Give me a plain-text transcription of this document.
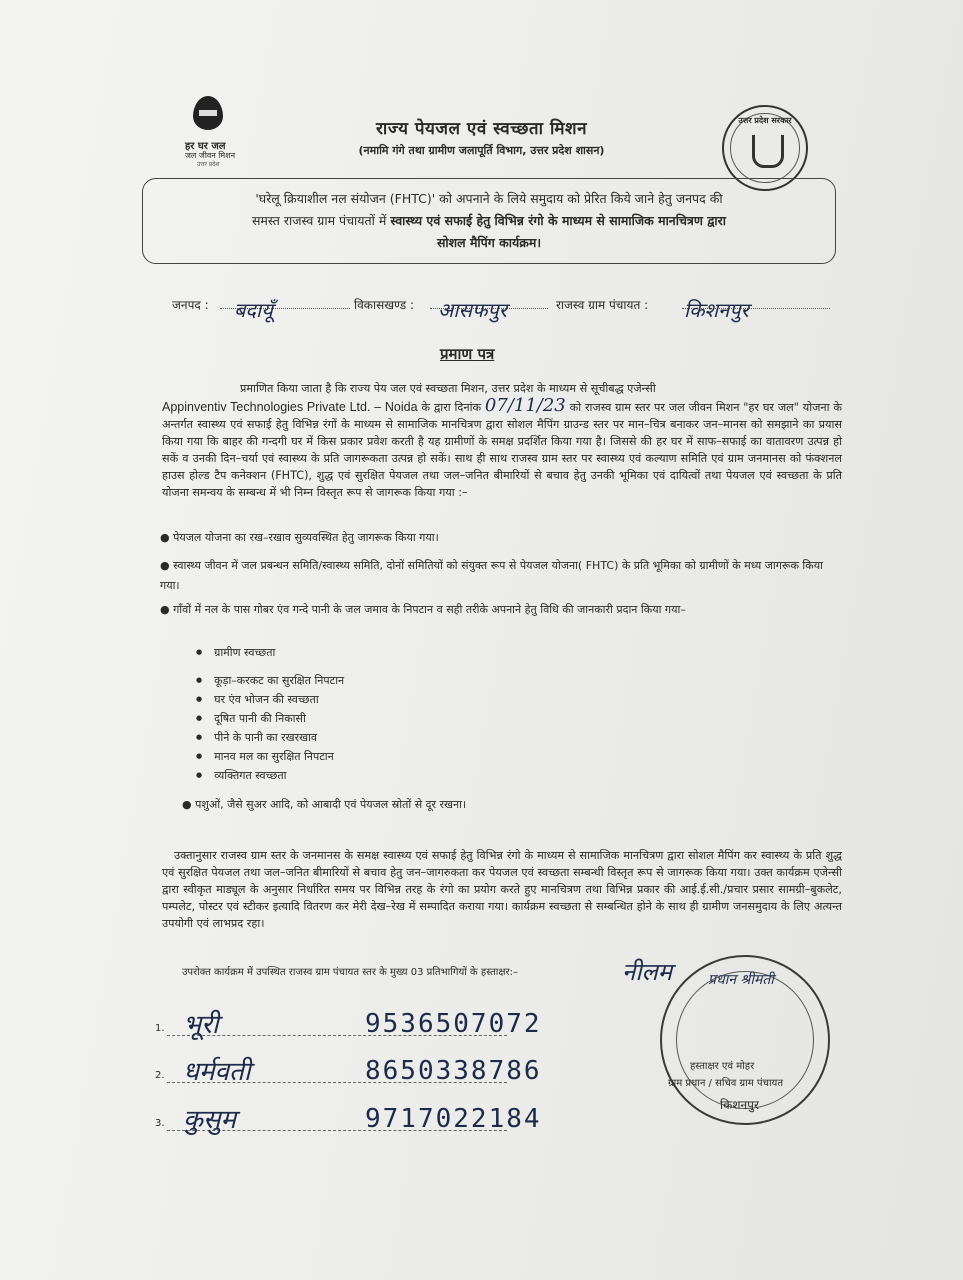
हर घर जल
जल जीवन मिशन
उत्तर प्रदेश
राज्य पेयजल एवं स्वच्छता मिशन
(नमामि गंगे तथा ग्रामीण जलापूर्ति विभाग, उत्तर प्रदेश शासन)
उत्तर प्रदेश सरकार
'घरेलू क्रियाशील नल संयोजन (FHTC)' को अपनाने के लिये समुदाय को प्रेरित किये जाने हेतु जनपद की
समस्त राजस्व ग्राम पंचायतों में स्वास्थ्य एवं सफाई हेतु विभिन्न रंगो के माध्यम से सामाजिक मानचित्रण द्वारा
सोशल मैपिंग कार्यक्रम।
जनपद : बदायूँ	विकासखण्ड : आसफपुर	राजस्व ग्राम पंचायत : किशनपुर
प्रमाण पत्र
प्रमाणित किया जाता है कि राज्य पेय जल एवं स्वच्छता मिशन, उत्तर प्रदेश के माध्यम से सूचीबद्ध एजेन्सी
Appinventiv Technologies Private Ltd. – Noida के द्वारा दिनांक 07/11/23 को राजस्व ग्राम स्तर पर जल जीवन मिशन "हर घर जल" योजना के अन्तर्गत स्वास्थ्य एवं सफाई हेतु विभिन्न रंगों के माध्यम से सामाजिक मानचित्रण द्वारा सोशल मैपिंग ग्राउन्ड स्तर पर मान–चित्र बनाकर जन–मानस को समझाने का प्रयास किया गया कि बाहर की गन्दगी घर में किस प्रकार प्रवेश करती है यह ग्रामीणों के समक्ष प्रदर्शित किया गया है। जिससे की हर घर में साफ–सफाई का वातावरण उत्पन्न हो सकें व उनकी दिन–चर्या एवं स्वास्थ्य के प्रति जागरूकता उत्पन्न हो सकें। साथ ही साथ राजस्व ग्राम स्तर पर स्वास्थ्य एवं कल्याण समिति एवं ग्राम जनमानस को फंक्शनल हाउस होल्ड टैप कनेक्शन (FHTC), शुद्ध एवं सुरक्षित पेयजल तथा जल–जनित बीमारियों से बचाव हेतु उनकी भूमिका एवं दायित्वों तथा पेयजल एवं स्वच्छता के प्रति योजना समन्वय के सम्बन्ध में भी निम्न विस्तृत रूप से जागरूक किया गया :–
● पेयजल योजना का रख–रखाव सुव्यवस्थित हेतु जागरूक किया गया।
● स्वास्थ्य जीवन में जल प्रबन्धन समिति/स्वास्थ्य समिति, दोनों समितियों को संयुक्त रूप से पेयजल योजना( FHTC) के प्रति भूमिका को ग्रामीणों के मध्य जागरूक किया गया।
● गाँवों में नल के पास गोबर एंव गन्दे पानी के जल जमाव के निपटान व सही तरीके अपनाने हेतु विधि की जानकारी प्रदान किया गया–
● ग्रामीण स्वच्छता
● कूड़ा–करकट का सुरक्षित निपटान
● घर एंव भोजन की स्वच्छता
● दूषित पानी की निकासी
● पीने के पानी का रखरखाव
● मानव मल का सुरक्षित निपटान
● व्यक्तिगत स्वच्छता
● पशुओं, जैसे सुअर आदि, को आबादी एवं पेयजल स्रोतों से दूर रखना।
उक्तानुसार राजस्व ग्राम स्तर के जनमानस के समक्ष स्वास्थ्य एवं सफाई हेतु विभिन्न रंगो के माध्यम से सामाजिक मानचित्रण द्वारा सोशल मैपिंग कर स्वास्थ्य के प्रति शुद्ध एवं सुरक्षित पेयजल तथा जल–जनित बीमारियों से बचाव हेतु जन–जागरुकता कर पेयजल एवं स्वच्छता सम्बन्धी विस्तृत रूप से जागरूक किया गया। उक्त कार्यक्रम एजेन्सी द्वारा स्वीकृत माड्यूल के अनुसार निर्धारित समय पर विभिन्न तरह के रंगो का प्रयोग करते हुए मानचित्रण तथा विभिन्न प्रकार की आई.ई.सी./प्रचार प्रसार सामग्री–बुकलेट, पम्पलेट, पोस्टर एवं स्टीकर इत्यादि वितरण कर मेरी देख–रेख में सम्पादित कराया गया। कार्यक्रम स्वच्छता से सम्बन्धित होने के साथ ही ग्रामीण जनसमुदाय के लिए अत्यन्त उपयोगी एवं लाभप्रद रहा।
उपरोक्त कार्यक्रम में उपस्थित राजस्व ग्राम पंचायत स्तर के मुख्य 03 प्रतिभागियों के हस्ताक्षर:–
1. भूरी	9536507072
2. धर्मवती	8650338786
3. कुसुम	9717022184
नीलम	प्रधान श्रीमती
हस्ताक्षर एवं मोहर
ग्राम प्रधान / सचिव ग्राम पंचायत
किशनपुर
